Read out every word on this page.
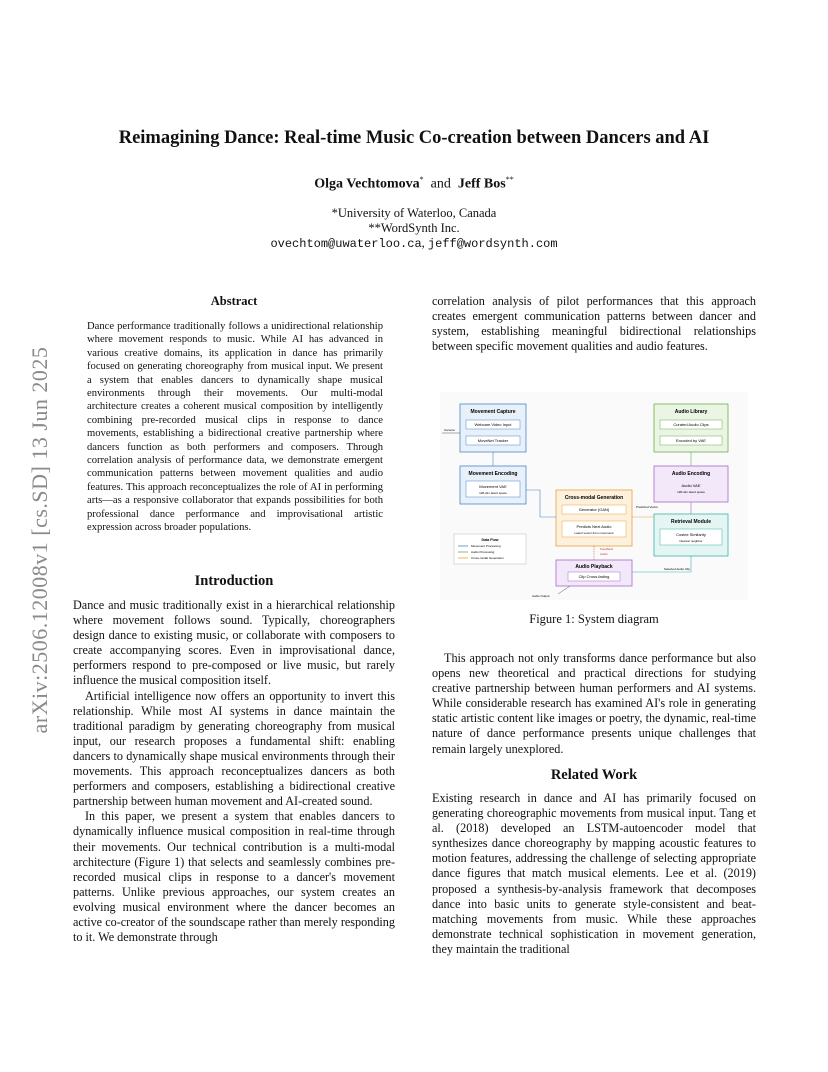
arXiv:2506.12008v1 [cs.SD] 13 Jun 2025
Reimagining Dance: Real-time Music Co-creation between Dancers and AI
Olga Vechtomova* and Jeff Bos**
*University of Waterloo, Canada
**WordSynth Inc.
ovechtom@uwaterloo.ca, jeff@wordsynth.com
Abstract
Dance performance traditionally follows a unidirectional relationship where movement responds to music. While AI has advanced in various creative domains, its application in dance has primarily focused on generating choreography from musical input. We present a system that enables dancers to dynamically shape musical environments through their movements. Our multi-modal architecture creates a coherent musical composition by intelligently combining pre-recorded musical clips in response to dance movements, establishing a bidirectional creative partnership where dancers function as both performers and composers. Through correlation analysis of performance data, we demonstrate emergent communication patterns between movement qualities and audio features. This approach reconceptualizes the role of AI in performing arts—as a responsive collaborator that expands possibilities for both professional dance performance and improvisational artistic expression across broader populations.
Introduction

Dance and music traditionally exist in a hierarchical relationship where movement follows sound. Typically, choreographers design dance to existing music, or collaborate with composers to create accompanying scores. Even in improvisational dance, performers respond to pre-composed or live music, but rarely influence the musical composition itself.

Artificial intelligence now offers an opportunity to invert this relationship. While most AI systems in dance maintain the traditional paradigm by generating choreography from musical input, our research proposes a fundamental shift: enabling dancers to dynamically shape musical environments through their movements. This approach reconceptualizes dancers as both performers and composers, establishing a bidirectional creative partnership between human movement and AI-created sound.

In this paper, we present a system that enables dancers to dynamically influence musical composition in real-time through their movements. Our technical contribution is a multi-modal architecture (Figure 1) that selects and seamlessly combines pre-recorded musical clips in response to a dancer's movement patterns. Unlike previous approaches, our system creates an evolving musical environment where the dancer becomes an active co-creator of the soundscape rather than merely responding to it. We demonstrate through

correlation analysis of pilot performances that this approach creates emergent communication patterns between dancer and system, establishing meaningful bidirectional relationships between specific movement qualities and audio features.
Movement Capture
Webcam Video Input
MoveNet Tracker
Camera
Movement Encoding
Movement VAE
128-dim latent space
Cross-modal Generation
Generator (GAN)
Predicts Next Audio
Latent vector from movement
Audio Library
Curated Audio Clips
Encoded by VAE
Audio Encoding
Audio VAE
128-dim latent space
Retrieval Module
Cosine Similarity
Nearest neighbor
Predicted Vector
Audio Playback
Clip Cross-fading
Selected Audio Clip
Feedback
Audio
Audio Output
Data Flow
Movement Processing
Audio Processing
Cross-modal Generation
Figure 1: System diagram

This approach not only transforms dance performance but also opens new theoretical and practical directions for studying creative partnership between human performers and AI systems. While considerable research has examined AI's role in generating static artistic content like images or poetry, the dynamic, real-time nature of dance performance presents unique challenges that remain largely unexplored.

Related Work
Existing research in dance and AI has primarily focused on generating choreographic movements from musical input. Tang et al. (2018) developed an LSTM-autoencoder model that synthesizes dance choreography by mapping acoustic features to motion features, addressing the challenge of selecting appropriate dance figures that match musical elements. Lee et al. (2019) proposed a synthesis-by-analysis framework that decomposes dance into basic units to generate style-consistent and beat-matching movements from music. While these approaches demonstrate technical sophistication in movement generation, they maintain the traditional
